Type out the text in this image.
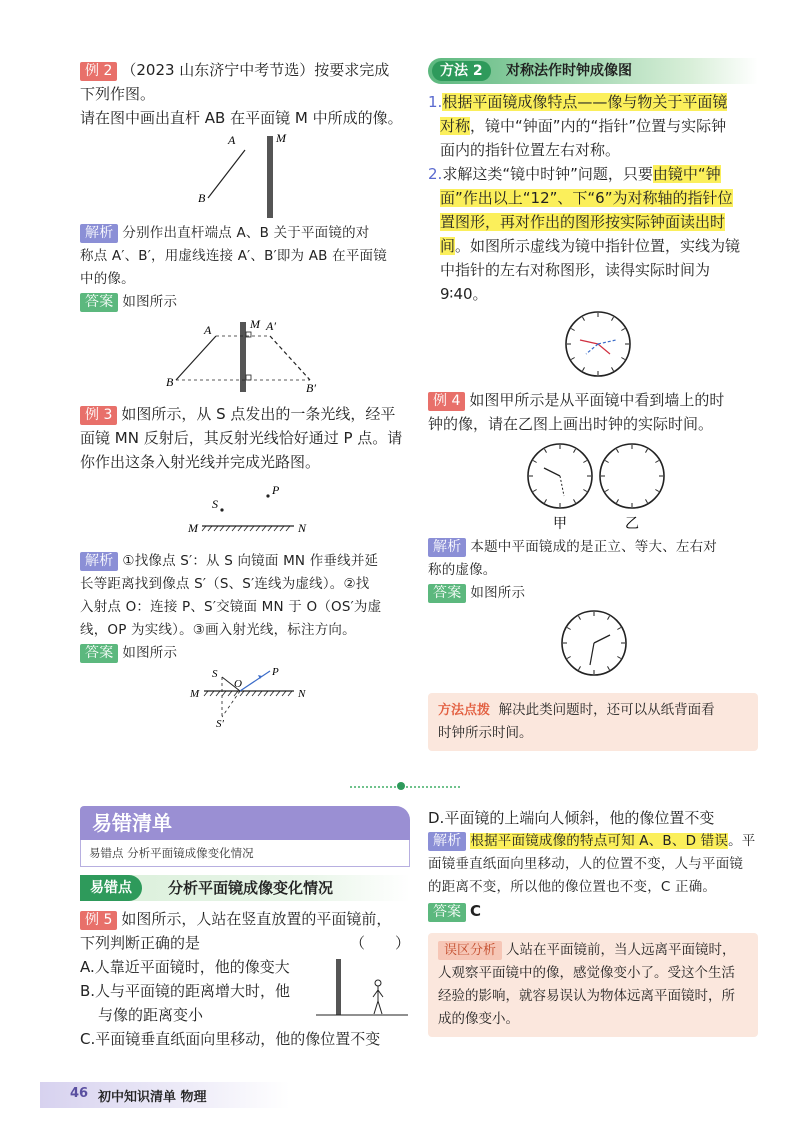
例 2 （2023 山东济宁中考节选）按要求完成

下列作图。

请在图中画出直杆 AB 在平面镜 M 中所成的像。

A
B
M

解析 分别作出直杆端点 A、B 关于平面镜的对

称点 A′、B′，用虚线连接 A′、B′即为 AB 在平面镜

中的像。

答案 如图所示

A
B
M A′
B′

例 3 如图所示，从 S 点发出的一条光线，经平

面镜 MN 反射后，其反射光线恰好通过 P 点。请

你作出这条入射光线并完成光路图。

S
P
M	N

解析 ①找像点 S′：从 S 向镜面 MN 作垂线并延

长等距离找到像点 S′（S、S′连线为虚线）。②找

入射点 O：连接 P、S′交镜面 MN 于 O（OS′为虚

线，OP 为实线）。③画入射光线，标注方向。

答案 如图所示

S	P
M	N
O
S′
方法 2	对称法作时钟成像图

1.根据平面镜成像特点——像与物关于平面镜

对称，镜中“钟面”内的“指针”位置与实际钟

面内的指针位置左右对称。

2.求解这类“镜中时钟”问题，只要由镜中“钟

面”作出以上“12”、下“6”为对称轴的指针位

置图形，再对作出的图形按实际钟面读出时

间。如图所示虚线为镜中指针位置，实线为镜

中指针的左右对称图形，读得实际时间为

9∶40。

例 4 如图甲所示是从平面镜中看到墙上的时

钟的像，请在乙图上画出时钟的实际时间。

甲	乙

解析 本题中平面镜成的是正立、等大、左右对

称的虚像。

答案 如图所示

方法点拨 解决此类问题时，还可以从纸背面看
时钟所示时间。
易错清单
易错点 分析平面镜成像变化情况
易错点	分析平面镜成像变化情况

例 5 如图所示，人站在竖直放置的平面镜前，

下列判断正确的是	（　　）

A.人靠近平面镜时，他的像变大

B.人与平面镜的距离增大时，他

与像的距离变小

C.平面镜垂直纸面向里移动，他的像位置不变

D.平面镜的上端向人倾斜，他的像位置不变

解析 根据平面镜成像的特点可知 A、B、D 错误。平

面镜垂直纸面向里移动，人的位置不变，人与平面镜

的距离不变，所以他的像位置也不变，C 正确。

答案 C

误区分析 人站在平面镜前，当人远离平面镜时，
人观察平面镜中的像，感觉像变小了。受这个生活
经验的影响，就容易误认为物体远离平面镜时，所
成的像变小。
46 初中知识清单 物理
